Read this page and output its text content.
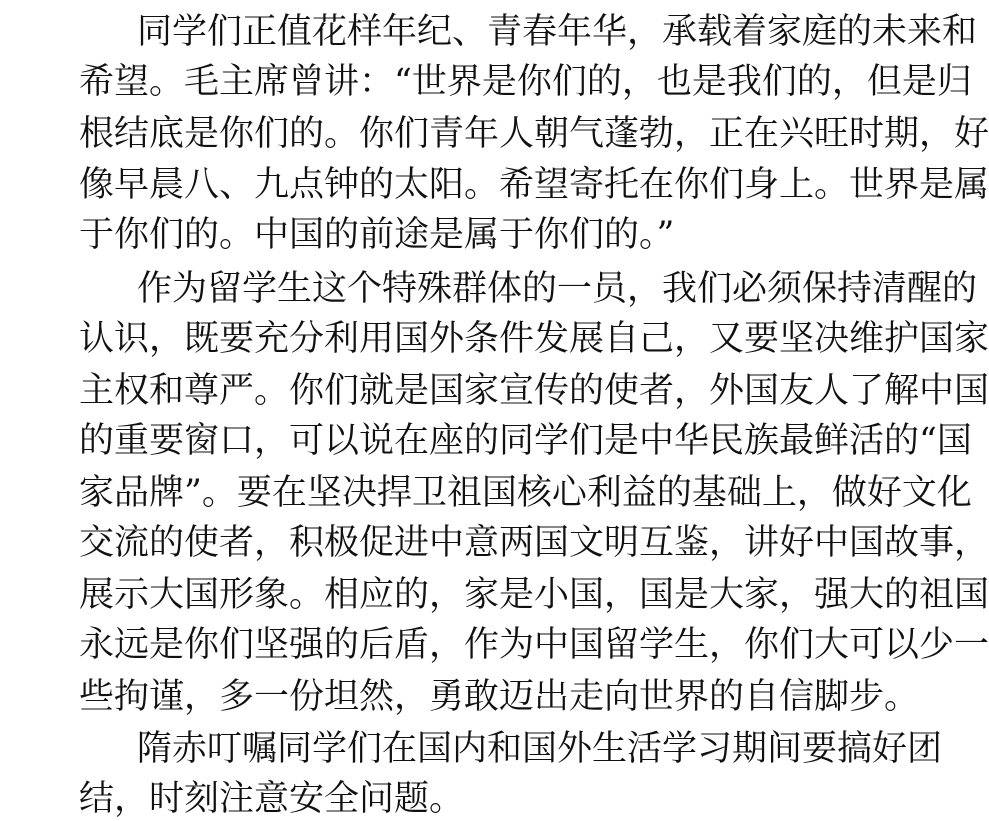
同学们正值花样年纪、青春年华，承载着家庭的未来和
希望。毛主席曾讲：“世界是你们的，也是我们的，但是归
根结底是你们的。你们青年人朝气蓬勃，正在兴旺时期，好
像早晨八、九点钟的太阳。希望寄托在你们身上。世界是属
于你们的。中国的前途是属于你们的。”
作为留学生这个特殊群体的一员，我们必须保持清醒的
认识，既要充分利用国外条件发展自己，又要坚决维护国家
主权和尊严。你们就是国家宣传的使者，外国友人了解中国
的重要窗口，可以说在座的同学们是中华民族最鲜活的“国
家品牌”。要在坚决捍卫祖国核心利益的基础上，做好文化
交流的使者，积极促进中意两国文明互鉴，讲好中国故事，
展示大国形象。相应的，家是小国，国是大家，强大的祖国
永远是你们坚强的后盾，作为中国留学生，你们大可以少一
些拘谨，多一份坦然，勇敢迈出走向世界的自信脚步。
隋赤叮嘱同学们在国内和国外生活学习期间要搞好团
结，时刻注意安全问题。
